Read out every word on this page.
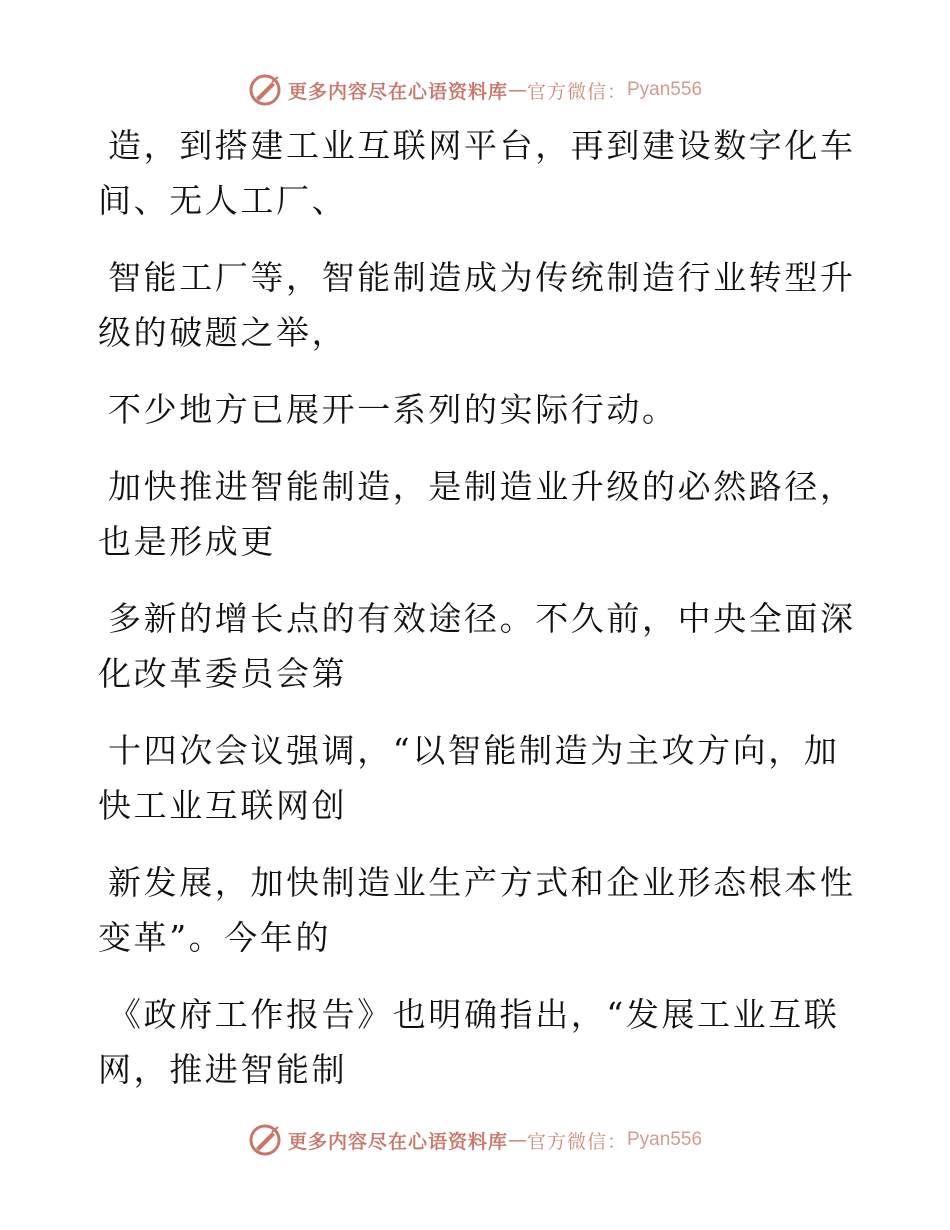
更多内容尽在心语资料库 — 官方微信： Pyan556

造，到搭建工业互联网平台，再到建设数字化车
间、无人工厂、

智能工厂等，智能制造成为传统制造行业转型升
级的破题之举，

不少地方已展开一系列的实际行动。

加快推进智能制造，是制造业升级的必然路径，
也是形成更

多新的增长点的有效途径。不久前，中央全面深
化改革委员会第

十四次会议强调，“以智能制造为主攻方向，加
快工业互联网创

新发展，加快制造业生产方式和企业形态根本性
变革”。今年的

《政府工作报告》也明确指出，“发展工业互联
网，推进智能制

更多内容尽在心语资料库 — 官方微信： Pyan556
